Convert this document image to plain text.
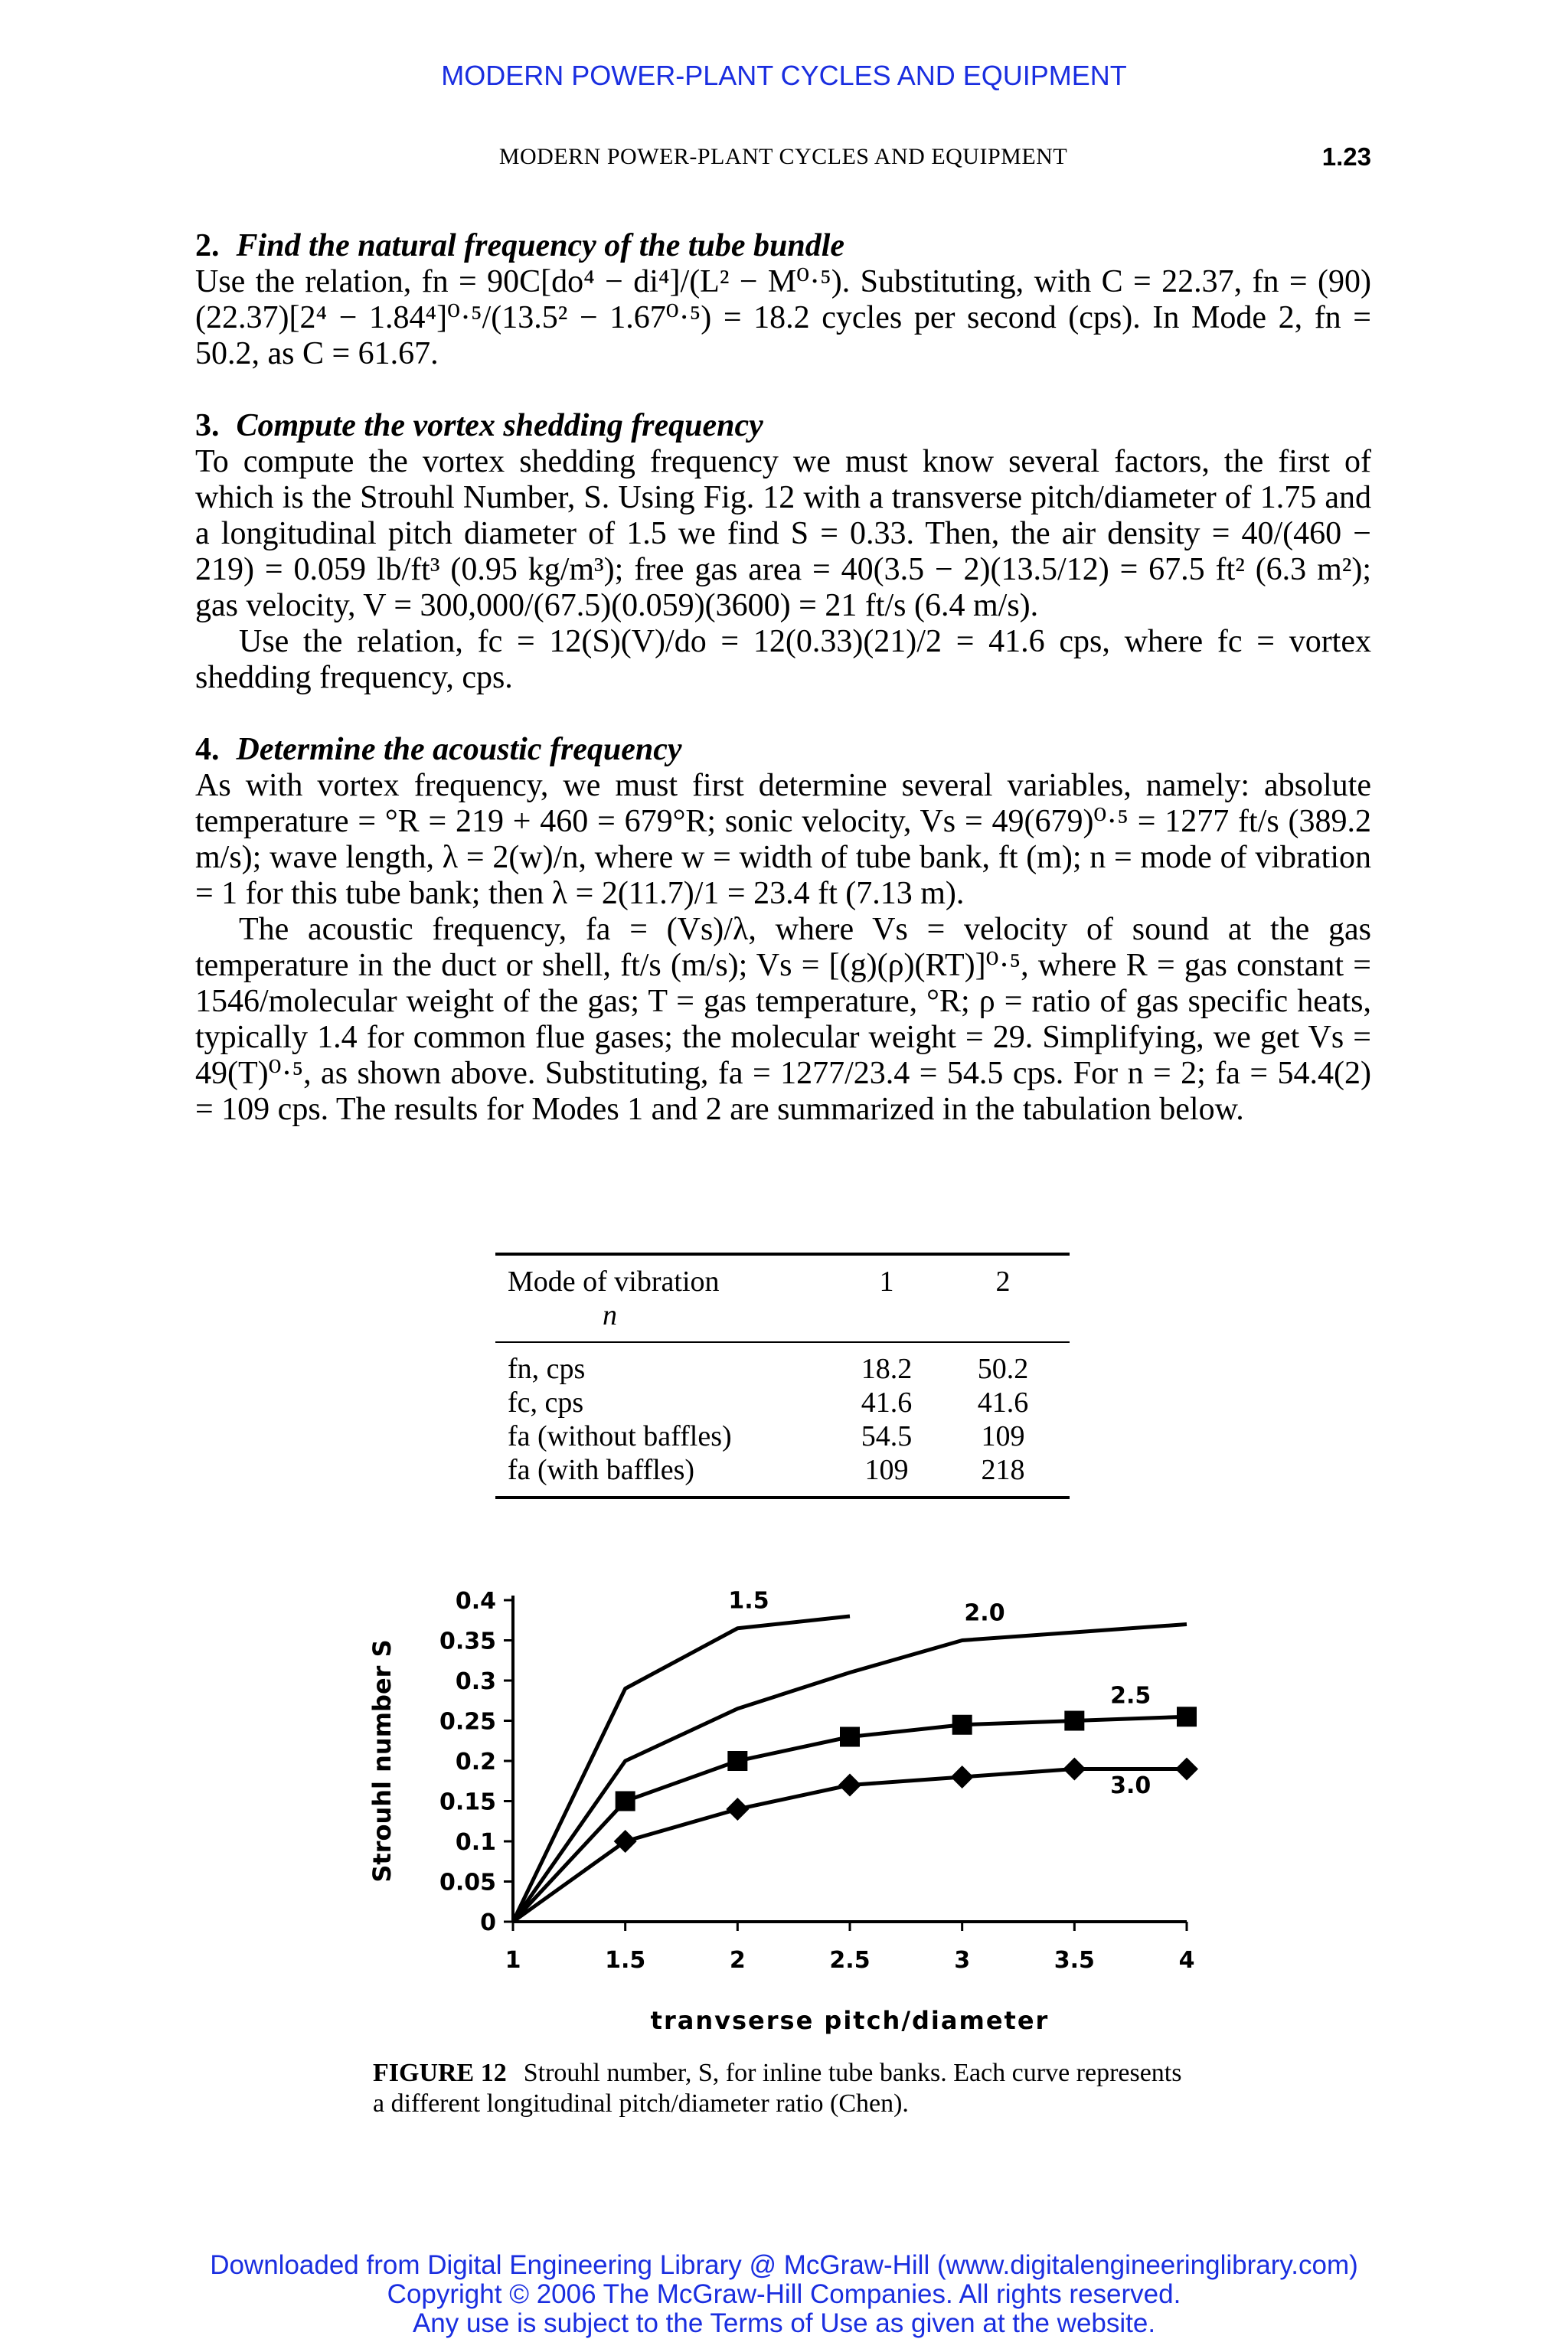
MODERN POWER-PLANT CYCLES AND EQUIPMENT
MODERN POWER-PLANT CYCLES AND EQUIPMENT	1.23
2. Find the natural frequency of the tube bundle

Use the relation, fn = 90C[do⁴ − di⁴]/(L² − M⁰·⁵). Substituting, with C = 22.37, fn = (90)(22.37)[2⁴ − 1.84⁴]⁰·⁵/(13.5² − 1.67⁰·⁵) = 18.2 cycles per second (cps). In Mode 2, fn = 50.2, as C = 61.67.

3. Compute the vortex shedding frequency

To compute the vortex shedding frequency we must know several factors, the first of which is the Strouhl Number, S. Using Fig. 12 with a transverse pitch/diameter of 1.75 and a longitudinal pitch diameter of 1.5 we find S = 0.33. Then, the air density = 40/(460 − 219) = 0.059 lb/ft³ (0.95 kg/m³); free gas area = 40(3.5 − 2)(13.5/12) = 67.5 ft² (6.3 m²); gas velocity, V = 300,000/(67.5)(0.059)(3600) = 21 ft/s (6.4 m/s).

Use the relation, fc = 12(S)(V)/do = 12(0.33)(21)/2 = 41.6 cps, where fc = vortex shedding frequency, cps.

4. Determine the acoustic frequency

As with vortex frequency, we must first determine several variables, namely: absolute temperature = °R = 219 + 460 = 679°R; sonic velocity, Vs = 49(679)⁰·⁵ = 1277 ft/s (389.2 m/s); wave length, λ = 2(w)/n, where w = width of tube bank, ft (m); n = mode of vibration = 1 for this tube bank; then λ = 2(11.7)/1 = 23.4 ft (7.13 m).

The acoustic frequency, fa = (Vs)/λ, where Vs = velocity of sound at the gas temperature in the duct or shell, ft/s (m/s); Vs = [(g)(ρ)(RT)]⁰·⁵, where R = gas constant = 1546/molecular weight of the gas; T = gas temperature, °R; ρ = ratio of gas specific heats, typically 1.4 for common flue gases; the molecular weight = 29. Simplifying, we get Vs = 49(T)⁰·⁵, as shown above. Substituting, fa = 1277/23.4 = 54.5 cps. For n = 2; fa = 54.4(2) = 109 cps. The results for Modes 1 and 2 are summarized in the tabulation below.

Mode of vibration	1	2
n
fn, cps	18.2	50.2
fc, cps	41.6	41.6
fa (without baffles)	54.5	109
fa (with baffles)	109	218
0
0.05
0.1
0.15
0.2
0.25
0.3
0.35
0.4
1	1.5	2	2.5	3	3.5	4
tranvserse pitch/diameter
Strouhl number S
1.5	2.0
2.5
3.0
FIGURE 12 Strouhl number, S, for inline tube banks. Each curve represents a different longitudinal pitch/diameter ratio (Chen).
Downloaded from Digital Engineering Library @ McGraw-Hill (www.digitalengineeringlibrary.com)
Copyright © 2006 The McGraw-Hill Companies. All rights reserved.
Any use is subject to the Terms of Use as given at the website.
